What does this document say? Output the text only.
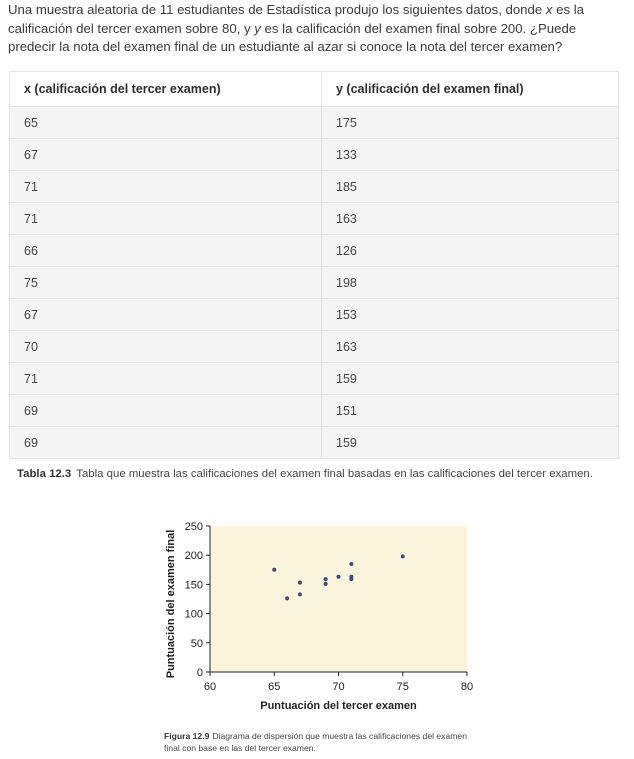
Una muestra aleatoria de 11 estudiantes de Estadística produjo los siguientes datos, donde x es la calificación del tercer examen sobre 80, y y es la calificación del examen final sobre 200. ¿Puede predecir la nota del examen final de un estudiante al azar si conoce la nota del tercer examen?
x (calificación del tercer examen)	y (calificación del examen final)
65	175
67	133
71	185
71	163
66	126
75	198
67	153
70	163
71	159
69	151
69	159
Tabla 12.3 Tabla que muestra las calificaciones del examen final basadas en las calificaciones del tercer examen.
0
50
100
150
200
250
60	65	70	75	80
Puntuación del tercer examen
Puntuación del examen final
Figura 12.9 Diagrama de dispersión que muestra las calificaciones del examen final con base en las del tercer examen.
